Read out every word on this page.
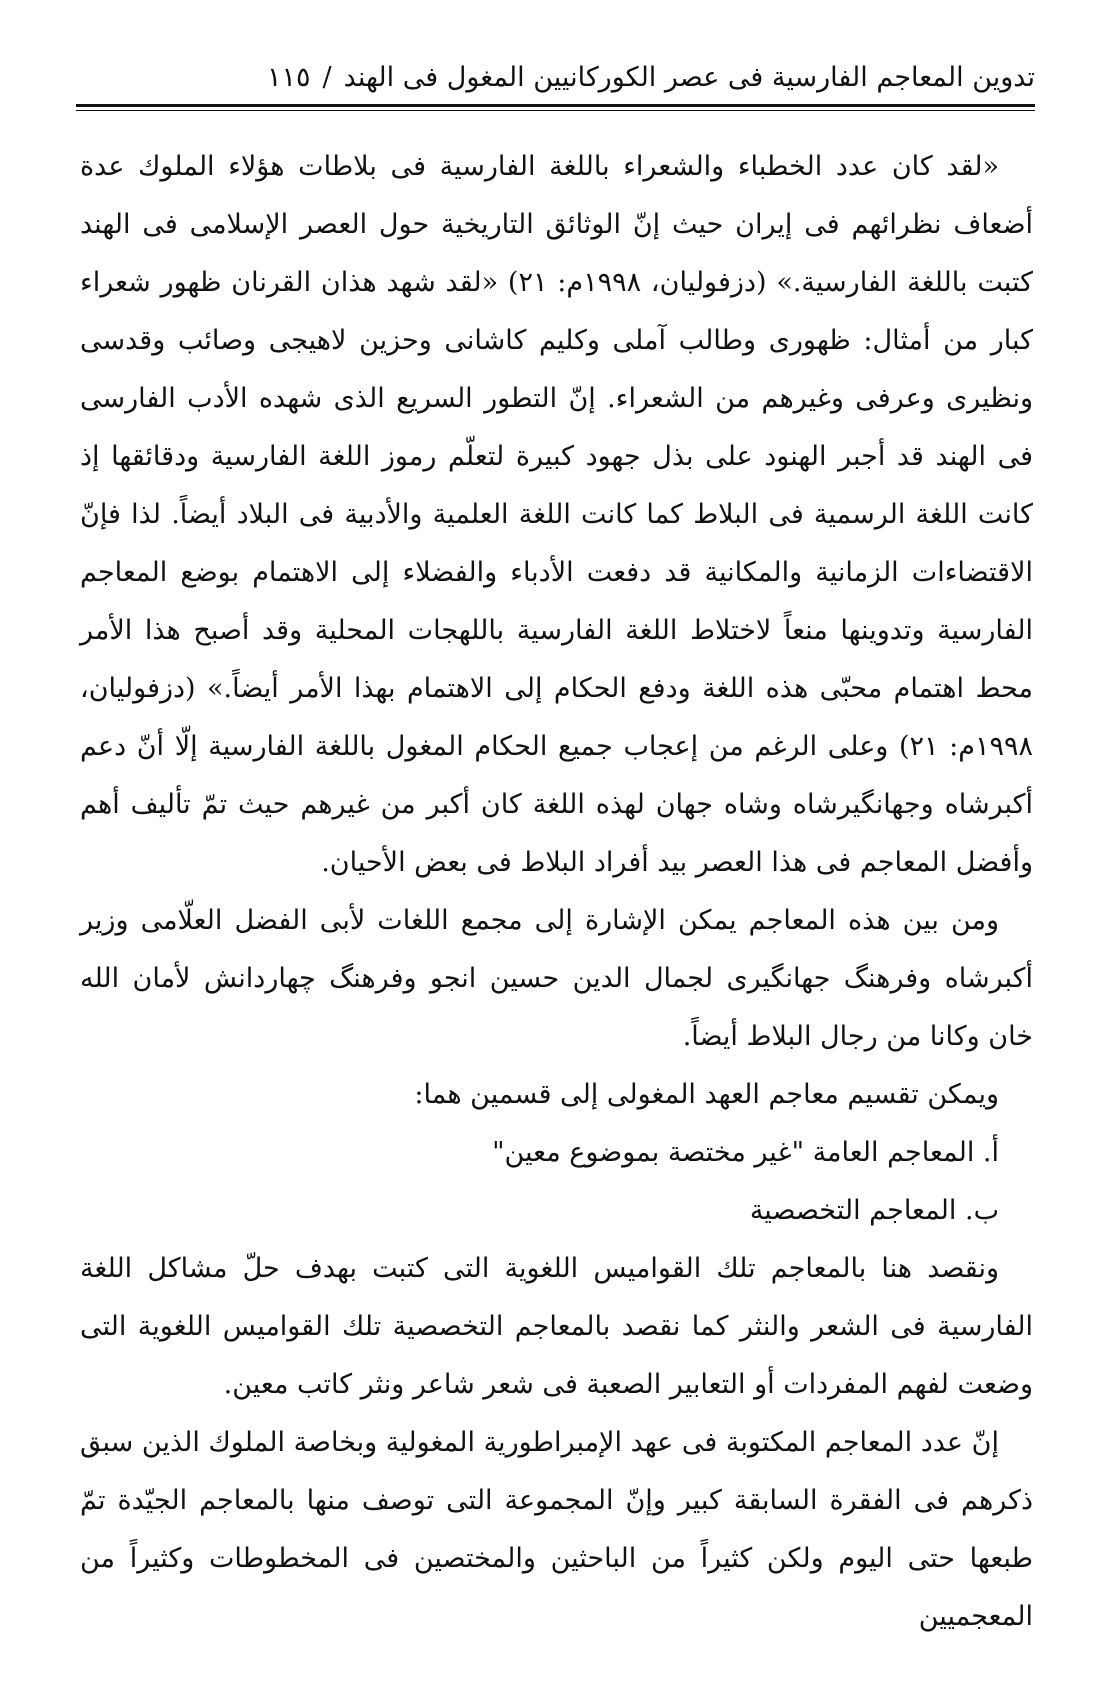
تدوين المعاجم الفارسية فى عصر الكوركانيين المغول فى الهند
/
١١٥

«لقد كان عدد الخطباء والشعراء باللغة الفارسية فى بلاطات هؤلاء الملوك عدة أضعاف نظرائهم فى إيران حيث إنّ الوثائق التاريخية حول العصر الإسلامى فى الهند كتبت باللغة الفارسية.» (دزفوليان، ١٩٩٨م: ٢١) «لقد شهد هذان القرنان ظهور شعراء كبار من أمثال: ظهورى وطالب آملى وكليم كاشانى وحزين لاهيجى وصائب وقدسى ونظيرى وعرفى وغيرهم من الشعراء. إنّ التطور السريع الذى شهده الأدب الفارسى فى الهند قد أجبر الهنود على بذل جهود كبيرة لتعلّم رموز اللغة الفارسية ودقائقها إذ كانت اللغة الرسمية فى البلاط كما كانت اللغة العلمية والأدبية فى البلاد أيضاً. لذا فإنّ الاقتضاءات الزمانية والمكانية قد دفعت الأدباء والفضلاء إلى الاهتمام بوضع المعاجم الفارسية وتدوينها منعاً لاختلاط اللغة الفارسية باللهجات المحلية وقد أصبح هذا الأمر محط اهتمام محبّى هذه اللغة ودفع الحكام إلى الاهتمام بهذا الأمر أيضاً.» (دزفوليان، ١٩٩٨م: ٢١) وعلى الرغم من إعجاب جميع الحكام المغول باللغة الفارسية إلّا أنّ دعم أكبرشاه وجهانگيرشاه وشاه جهان لهذه اللغة كان أكبر من غيرهم حيث تمّ تأليف أهم وأفضل المعاجم فى هذا العصر بيد أفراد البلاط فى بعض الأحيان.

ومن بين هذه المعاجم يمكن الإشارة إلى مجمع اللغات لأبى الفضل العلّامى وزير أكبرشاه وفرهنگ جهانگيرى لجمال الدين حسين انجو وفرهنگ چهاردانش لأمان الله خان وكانا من رجال البلاط أيضاً.

ويمكن تقسيم معاجم العهد المغولى إلى قسمين هما:

أ. المعاجم العامة "غير مختصة بموضوع معين"

ب. المعاجم التخصصية

ونقصد هنا بالمعاجم تلك القواميس اللغوية التى كتبت بهدف حلّ مشاكل اللغة الفارسية فى الشعر والنثر كما نقصد بالمعاجم التخصصية تلك القواميس اللغوية التى وضعت لفهم المفردات أو التعابير الصعبة فى شعر شاعر ونثر كاتب معين.

إنّ عدد المعاجم المكتوبة فى عهد الإمبراطورية المغولية وبخاصة الملوك الذين سبق ذكرهم فى الفقرة السابقة كبير وإنّ المجموعة التى توصف منها بالمعاجم الجيّدة تمّ طبعها حتى اليوم ولكن كثيراً من الباحثين والمختصين فى المخطوطات وكثيراً من المعجميين
